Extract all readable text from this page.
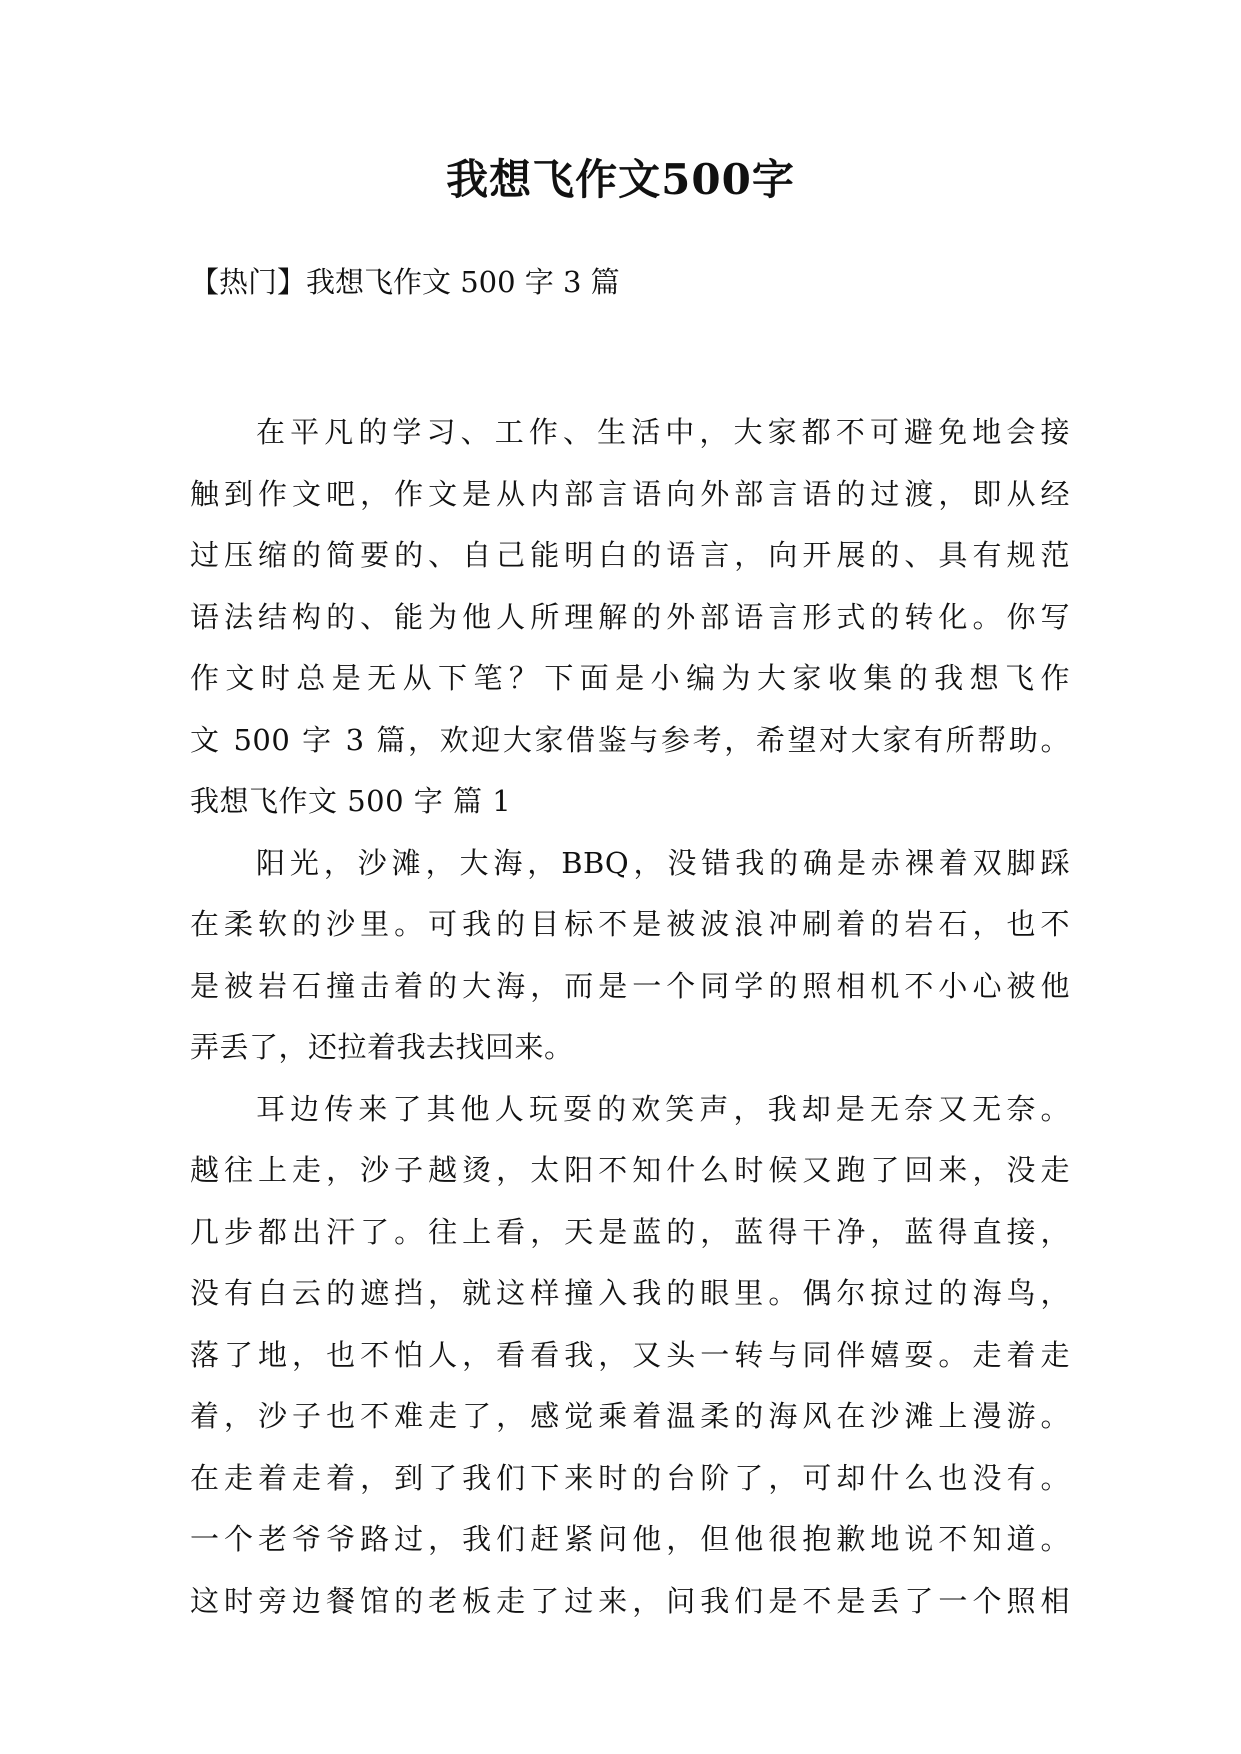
我想飞作文500字

【热门】我想飞作文 500 字 3 篇

在平凡的学习、工作、生活中，大家都不可避免地会接
触到作文吧，作文是从内部言语向外部言语的过渡，即从经
过压缩的简要的、自己能明白的语言，向开展的、具有规范
语法结构的、能为他人所理解的外部语言形式的转化。你写
作文时总是无从下笔？下面是小编为大家收集的我想飞作
文 500 字 3 篇，欢迎大家借鉴与参考，希望对大家有所帮助。
我想飞作文 500 字 篇 1
阳光，沙滩，大海，BBQ，没错我的确是赤裸着双脚踩
在柔软的沙里。可我的目标不是被波浪冲刷着的岩石，也不
是被岩石撞击着的大海，而是一个同学的照相机不小心被他
弄丢了，还拉着我去找回来。
耳边传来了其他人玩耍的欢笑声，我却是无奈又无奈。
越往上走，沙子越烫，太阳不知什么时候又跑了回来，没走
几步都出汗了。往上看，天是蓝的，蓝得干净，蓝得直接，
没有白云的遮挡，就这样撞入我的眼里。偶尔掠过的海鸟，
落了地，也不怕人，看看我，又头一转与同伴嬉耍。走着走
着，沙子也不难走了，感觉乘着温柔的海风在沙滩上漫游。
在走着走着，到了我们下来时的台阶了，可却什么也没有。
一个老爷爷路过，我们赶紧问他，但他很抱歉地说不知道。
这时旁边餐馆的老板走了过来，问我们是不是丢了一个照相
